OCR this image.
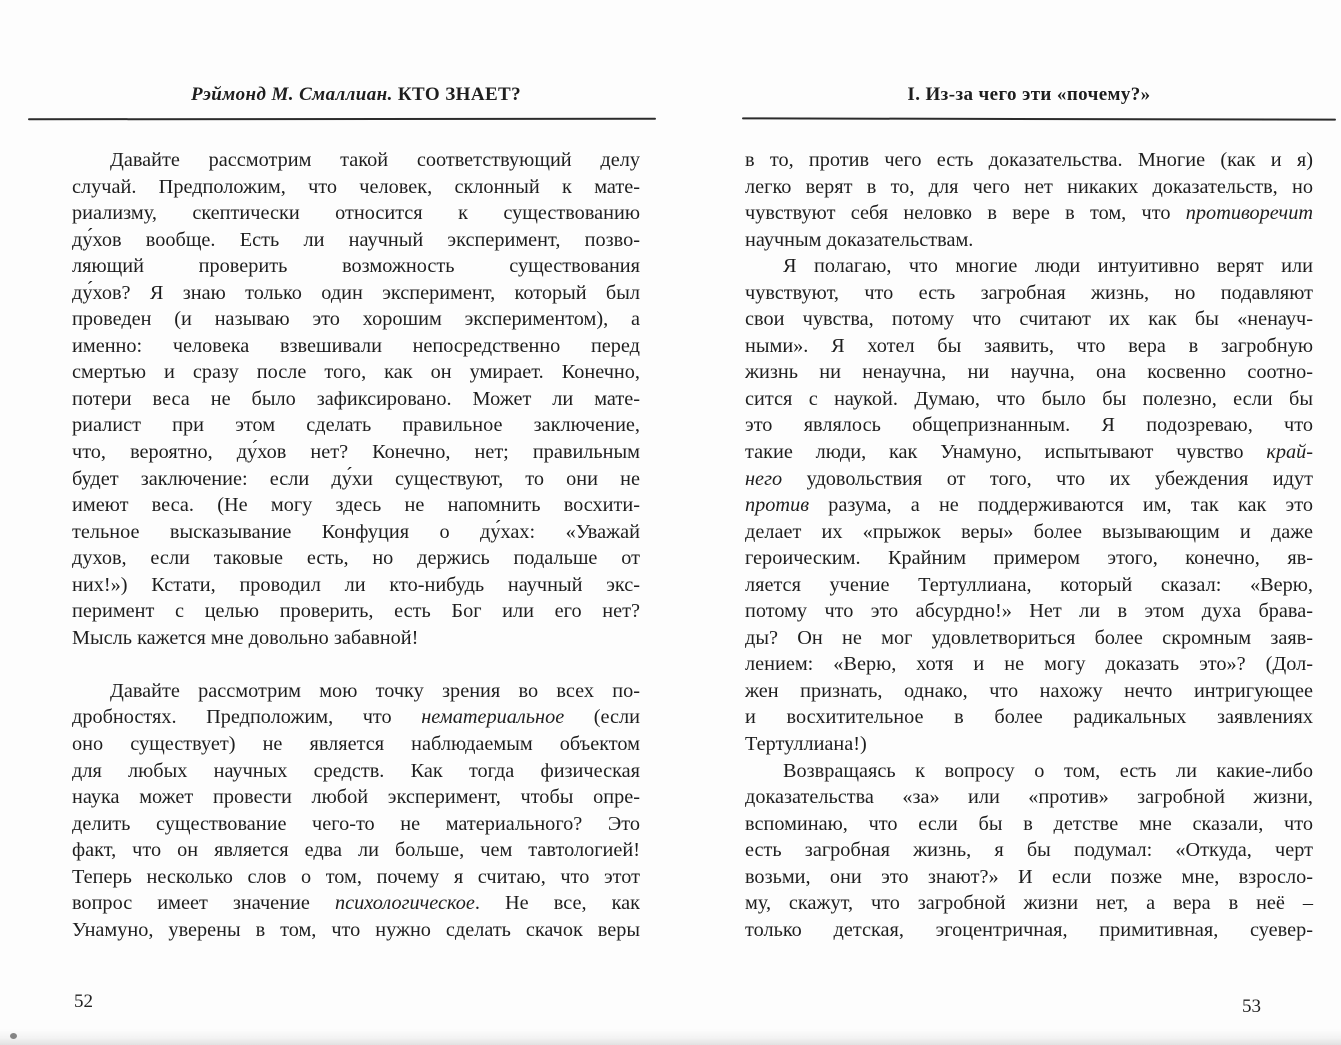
Рэймонд М. Смаллиан. КТО ЗНАЕТ?
Давайте рассмотрим такой соответствующий делу
случай. Предположим, что человек, склонный к мате-
риализму, скептически относится к существованию
ду́хов вообще. Есть ли научный эксперимент, позво-
ляющий проверить возможность существования
ду́хов? Я знаю только один эксперимент, который был
проведен (и называю это хорошим экспериментом), а
именно: человека взвешивали непосредственно перед
смертью и сразу после того, как он умирает. Конечно,
потери веса не было зафиксировано. Может ли мате-
риалист при этом сделать правильное заключение,
что, вероятно, ду́хов нет? Конечно, нет; правильным
будет заключение: если ду́хи существуют, то они не
имеют веса. (Не могу здесь не напомнить восхити-
тельное высказывание Конфуция о ду́хах: «Уважай
духов, если таковые есть, но держись подальше от
них!») Кстати, проводил ли кто-нибудь научный экс-
перимент с целью проверить, есть Бог или его нет?
Мысль кажется мне довольно забавной!
Давайте рассмотрим мою точку зрения во всех по-
дробностях. Предположим, что нематериальное (если
оно существует) не является наблюдаемым объектом
для любых научных средств. Как тогда физическая
наука может провести любой эксперимент, чтобы опре-
делить существование чего-то не материального? Это
факт, что он является едва ли больше, чем тавтологией!
Теперь несколько слов о том, почему я считаю, что этот
вопрос имеет значение психологическое. Не все, как
Унамуно, уверены в том, что нужно сделать скачок веры
I. Из-за чего эти «почему?»
в то, против чего есть доказательства. Многие (как и я)
легко верят в то, для чего нет никаких доказательств, но
чувствуют себя неловко в вере в том, что противоречит
научным доказательствам.
Я полагаю, что многие люди интуитивно верят или
чувствуют, что есть загробная жизнь, но подавляют
свои чувства, потому что считают их как бы «ненауч-
ными». Я хотел бы заявить, что вера в загробную
жизнь ни ненаучна, ни научна, она косвенно соотно-
сится с наукой. Думаю, что было бы полезно, если бы
это являлось общепризнанным. Я подозреваю, что
такие люди, как Унамуно, испытывают чувство край-
него удовольствия от того, что их убеждения идут
против разума, а не поддерживаются им, так как это
делает их «прыжок веры» более вызывающим и даже
героическим. Крайним примером этого, конечно, яв-
ляется учение Тертуллиана, который сказал: «Верю,
потому что это абсурдно!» Нет ли в этом духа брава-
ды? Он не мог удовлетвориться более скромным заяв-
лением: «Верю, хотя и не могу доказать это»? (Дол-
жен признать, однако, что нахожу нечто интригующее
и восхитительное в более радикальных заявлениях
Тертуллиана!)
Возвращаясь к вопросу о том, есть ли какие-либо
доказательства «за» или «против» загробной жизни,
вспоминаю, что если бы в детстве мне сказали, что
есть загробная жизнь, я бы подумал: «Откуда, черт
возьми, они это знают?» И если позже мне, взросло-
му, скажут, что загробной жизни нет, а вера в неё –
только детская, эгоцентричная, примитивная, суевер-
52	53
